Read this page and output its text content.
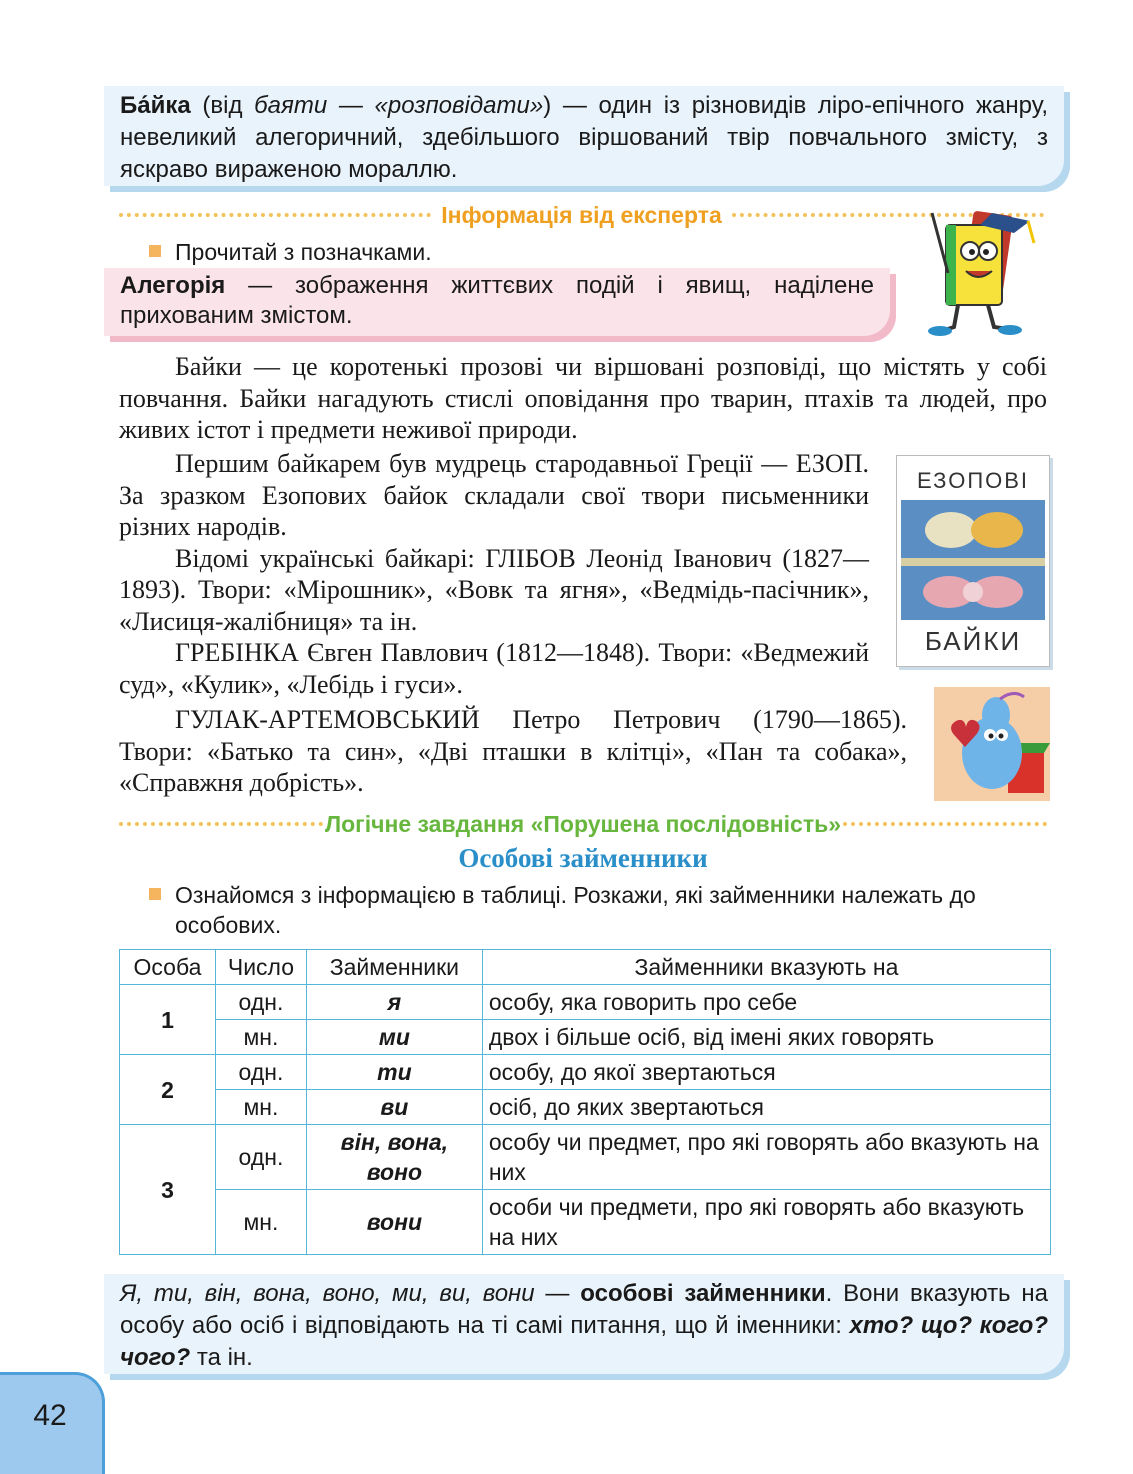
Ба́йка (від баяти — «розповідати») — один із різновидів ліро-епічного жанру, невеликий алегоричний, здебільшого віршований твір повчального змісту, з яскраво вираженою мораллю.

Інформація від експерта
Прочитай з позначками.

Алегорія — зображення життєвих подій і явищ, наділене прихованим змістом.

Байки — це коротенькі прозові чи віршовані розповіді, що містять у собі повчання. Байки нагадують стислі оповідання про тварин, птахів та людей, про живих істот і предмети неживої природи.

Першим байкарем був мудрець стародавньої Греції — ЕЗОП. За зразком Езопових байок складали свої твори письменники різних народів.

Відомі українські байкарі: ГЛІБОВ Леонід Іванович (1827—1893). Твори: «Мірошник», «Вовк та ягня», «Ведмідь-пасічник», «Лисиця-жалібниця» та ін.

ГРЕБІНКА Євген Павлович (1812—1848). Твори: «Ведмежий суд», «Кулик», «Лебідь і гуси».

ЕЗОПОВІ
БАЙКИ

ГУЛАК-АРТЕМОВСЬКИЙ Петро Петрович (1790—1865). Твори: «Батько та син», «Дві пташки в клітці», «Пан та собака», «Справжня добрість».

Логічне завдання «Порушена послідовність»
Особові займенники
Ознайомся з інформацією в таблиці. Розкажи, які займенники належать до особових.
Особа	Число	Займенники	Займенники вказують на
1	одн.	я	особу, яка говорить про себе
	мн.	ми	двох і більше осіб, від імені яких говорять
2	одн.	ти	особу, до якої звертаються
	мн.	ви	осіб, до яких звертаються
3	одн.	він, вона, воно	особу чи предмет, про які говорять або вказують на них
	мн.	вони	особи чи предмети, про які говорять або вказують на них

Я, ти, він, вона, воно, ми, ви, вони — особові займенники. Вони вказують на особу або осіб і відповідають на ті самі питання, що й іменники: хто? що? кого? чого? та ін.

42
